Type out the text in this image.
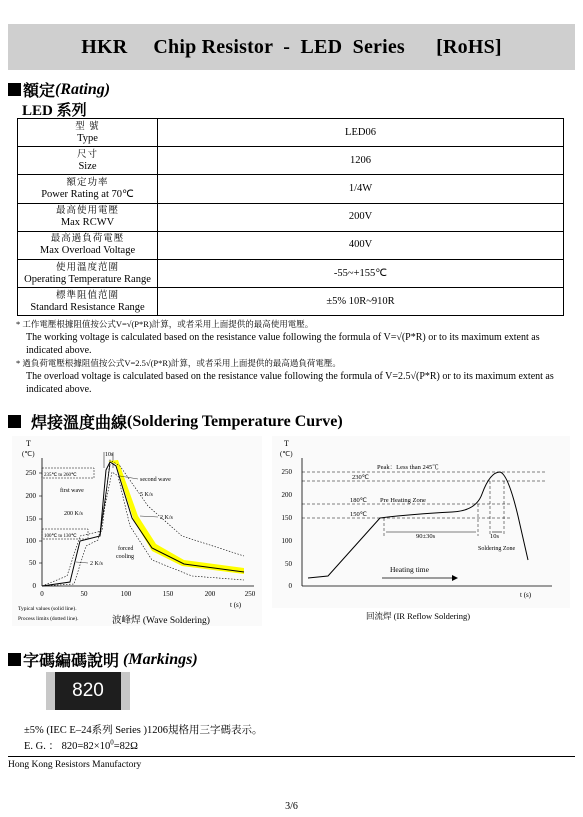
HKR     Chip Resistor  -  LED  Series      [RoHS]
額定 (Rating)
LED 系列
型 號
Type	LED06

尺寸
Size	1206

額定功率
Power Rating at 70℃	1/4W

最高使用電壓
Max RCWV	200V

最高過負荷電壓
Max Overload Voltage	400V

使用溫度范圍
Operating Temperature Range	-55~+155℃

標準阻值范圍
Standard Resistance Range	±5% 10R~910R
* 工作電壓根據阻值按公式V=√(P*R)計算，或者采用上面提供的最高使用電壓。
The working voltage is calculated based on the resistance value following the formula of V=√(P*R) or to its maximum extent as indicated above.
* 過負荷電壓根據阻值按公式V=2.5√(P*R)計算，或者采用上面提供的最高過負荷電壓。
The overload voltage is calculated based on the resistance value following the formula of V=2.5√(P*R) or to its maximum extent as indicated above.
焊接溫度曲線 (Soldering Temperature Curve)
T
(℃)
250
200
150
100
50
0
0	50	100	150	200	250
t (s)
10s
235℃ to 260℃
second wave
first wave
5 K/s
200 K/s
2 K/s
100℃ to 130℃
forced
cooling
2 K/s
Typical values (solid line).
Process limits (dotted line).	波峰焊 (Wave Soldering)
T
(℃)
250
200
150
100
50
0
Peak：Less than 245℃
230℃
180℃ Pre Heating Zone
150℃
90±30s	10s
Soldering Zone
Heating time
t (s)
回流焊 (IR Reflow Soldering)
字碼編碼說明 (Markings)
820
±5% (IEC E–24系列 Series )1206規格用三字碼表示。
E. G. ： $820=82\times 10^0=82\Omega$
Hong Kong Resistors Manufactory
3/6
